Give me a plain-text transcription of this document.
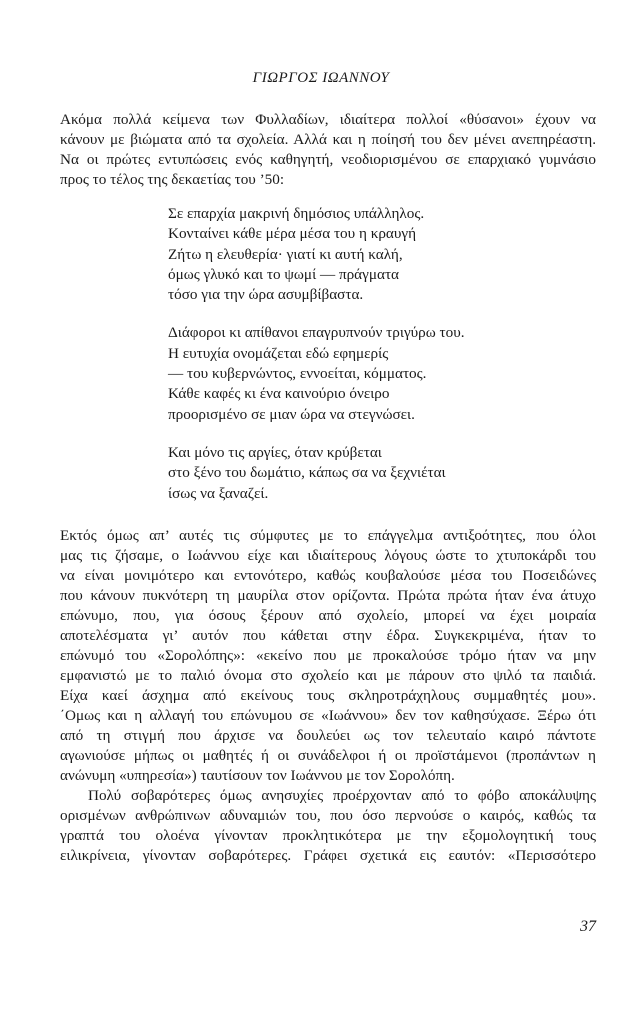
ΓΙΩΡΓΟΣ ΙΩΑΝΝΟΥ

Ακόμα πολλά κείμενα των Φυλλαδίων, ιδιαίτερα πολλοί «θύσανοι» έχουν να
κάνουν με βιώματα από τα σχολεία. Αλλά και η ποίησή του δεν μένει ανεπηρέαστη.
Να οι πρώτες εντυπώσεις ενός καθηγητή, νεοδιορισμένου σε επαρχιακό γυμνάσιο
προς το τέλος της δεκαετίας του ’50:

Σε επαρχία μακρινή δημόσιος υπάλληλος.
Κονταίνει κάθε μέρα μέσα του η κραυγή
Ζήτω η ελευθερία· γιατί κι αυτή καλή,
όμως γλυκό και το ψωμί — πράγματα
τόσο για την ώρα ασυμβίβαστα.

Διάφοροι κι απίθανοι επαγρυπνούν τριγύρω του.
Η ευτυχία ονομάζεται εδώ εφημερίς
— του κυβερνώντος, εννοείται, κόμματος.
Κάθε καφές κι ένα καινούριο όνειρο
προορισμένο σε μιαν ώρα να στεγνώσει.

Και μόνο τις αργίες, όταν κρύβεται
στο ξένο του δωμάτιο, κάπως σα να ξεχνιέται
ίσως να ξαναζεί.

Εκτός όμως απ’ αυτές τις σύμφυτες με το επάγγελμα αντιξοότητες, που όλοι
μας τις ζήσαμε, ο Ιωάννου είχε και ιδιαίτερους λόγους ώστε το χτυποκάρδι του
να είναι μονιμότερο και εντονότερο, καθώς κουβαλούσε μέσα του Ποσειδώνες
που κάνουν πυκνότερη τη μαυρίλα στον ορίζοντα. Πρώτα πρώτα ήταν ένα άτυχο
επώνυμο, που, για όσους ξέρουν από σχολείο, μπορεί να έχει μοιραία
αποτελέσματα γι’ αυτόν που κάθεται στην έδρα. Συγκεκριμένα, ήταν το
επώνυμό του «Σορολόπης»: «εκείνο που με προκαλούσε τρόμο ήταν να μην
εμφανιστώ με το παλιό όνομα στο σχολείο και με πάρουν στο ψιλό τα παιδιά.
Είχα καεί άσχημα από εκείνους τους σκληροτράχηλους συμμαθητές μου».
΄Ομως και η αλλαγή του επώνυμου σε «Ιωάννου» δεν τον καθησύχασε. Ξέρω ότι
από τη στιγμή που άρχισε να δουλεύει ως τον τελευταίο καιρό πάντοτε
αγωνιούσε μήπως οι μαθητές ή οι συνάδελφοι ή οι προϊστάμενοι (προπάντων η
ανώνυμη «υπηρεσία») ταυτίσουν τον Ιωάννου με τον Σορολόπη.

Πολύ σοβαρότερες όμως ανησυχίες προέρχονταν από το φόβο αποκάλυψης
ορισμένων ανθρώπινων αδυναμιών του, που όσο περνούσε ο καιρός, καθώς τα
γραπτά του ολοένα γίνονταν προκλητικότερα με την εξομολογητική τους
ειλικρίνεια, γίνονταν σοβαρότερες. Γράφει σχετικά εις εαυτόν: «Περισσότερο

37
